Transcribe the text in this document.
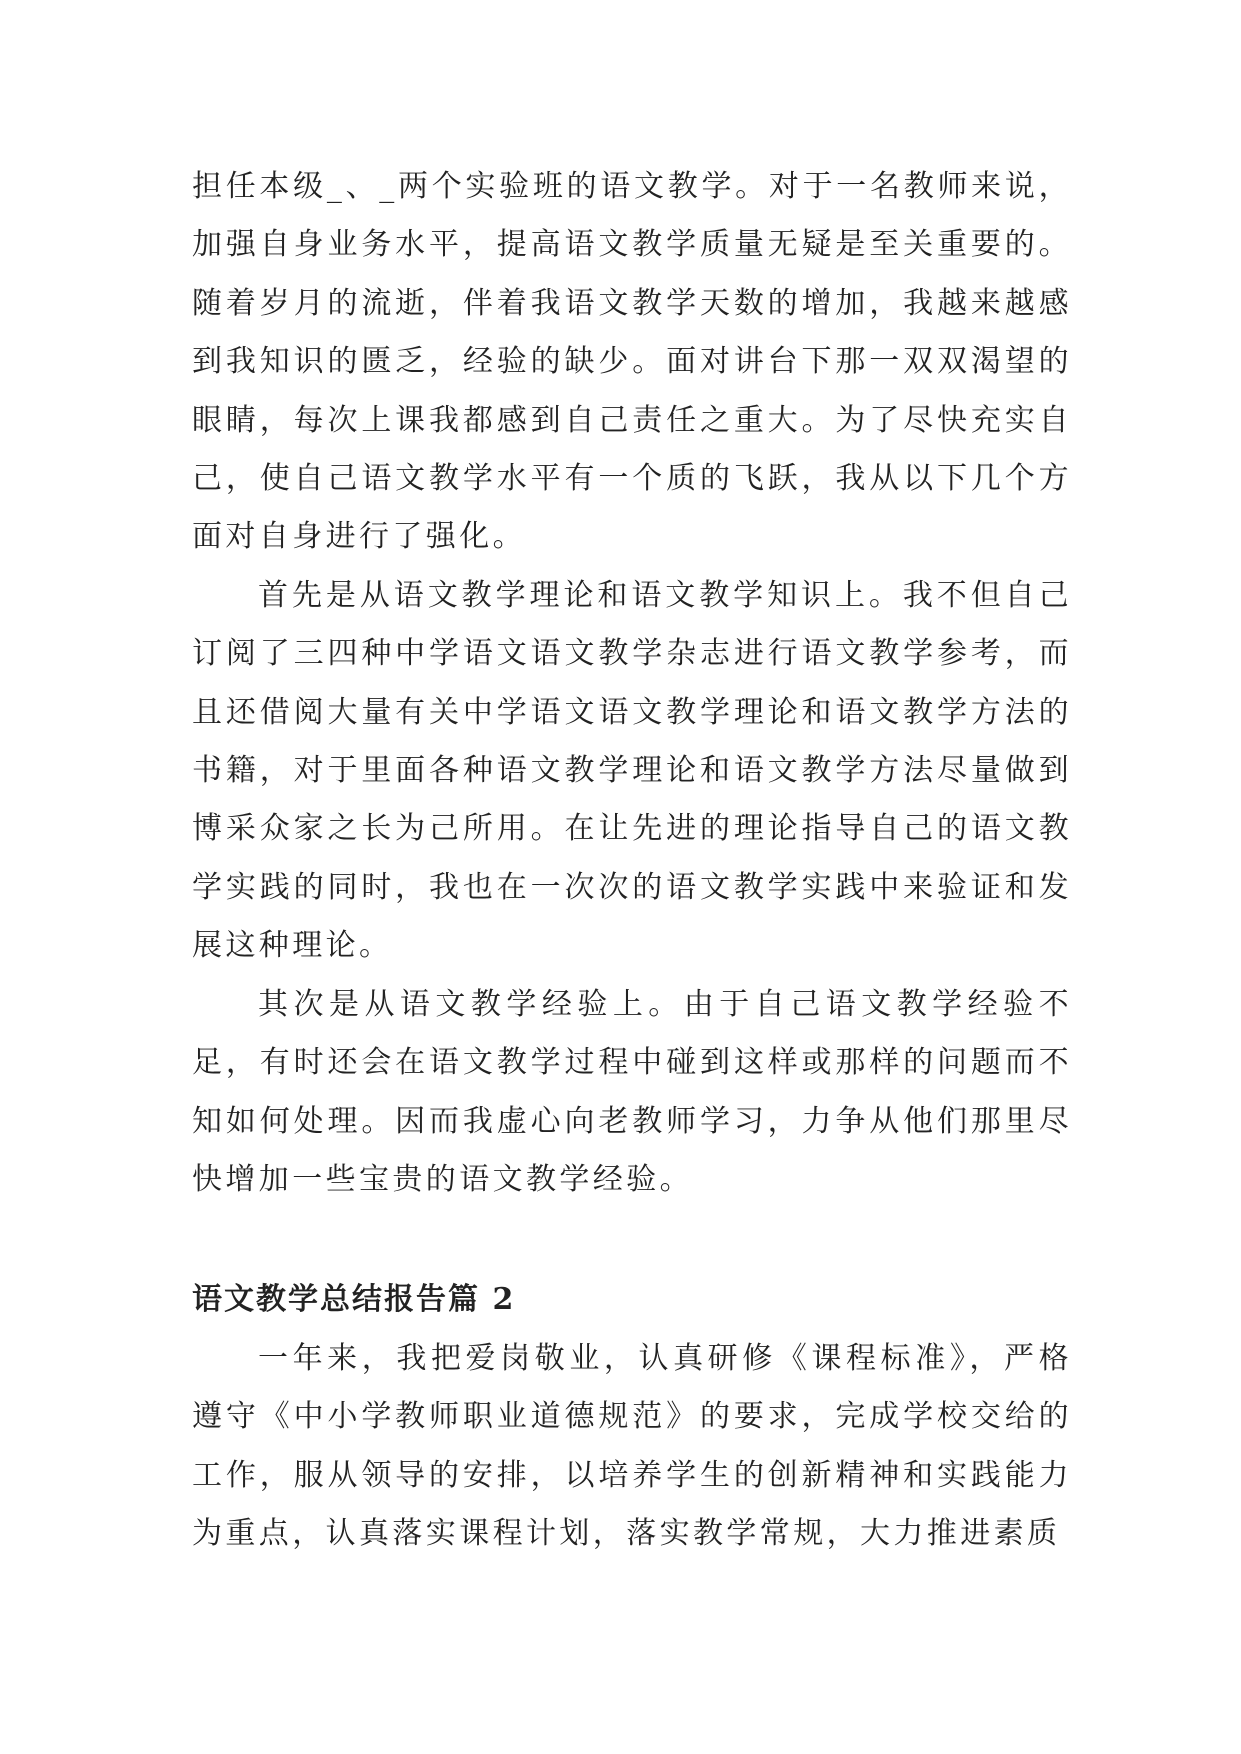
担任本级_、_两个实验班的语文教学。对于一名教师来说，加强自身业务水平，提高语文教学质量无疑是至关重要的。随着岁月的流逝，伴着我语文教学天数的增加，我越来越感到我知识的匮乏，经验的缺少。面对讲台下那一双双渴望的眼睛，每次上课我都感到自己责任之重大。为了尽快充实自己，使自己语文教学水平有一个质的飞跃，我从以下几个方面对自身进行了强化。

首先是从语文教学理论和语文教学知识上。我不但自己订阅了三四种中学语文语文教学杂志进行语文教学参考，而且还借阅大量有关中学语文语文教学理论和语文教学方法的书籍，对于里面各种语文教学理论和语文教学方法尽量做到博采众家之长为己所用。在让先进的理论指导自己的语文教学实践的同时，我也在一次次的语文教学实践中来验证和发展这种理论。

其次是从语文教学经验上。由于自己语文教学经验不足，有时还会在语文教学过程中碰到这样或那样的问题而不知如何处理。因而我虚心向老教师学习，力争从他们那里尽快增加一些宝贵的语文教学经验。

语文教学总结报告篇 2

一年来，我把爱岗敬业，认真研修《课程标准》，严格遵守《中小学教师职业道德规范》的要求，完成学校交给的工作，服从领导的安排，以培养学生的创新精神和实践能力为重点，认真落实课程计划，落实教学常规，大力推进素质
